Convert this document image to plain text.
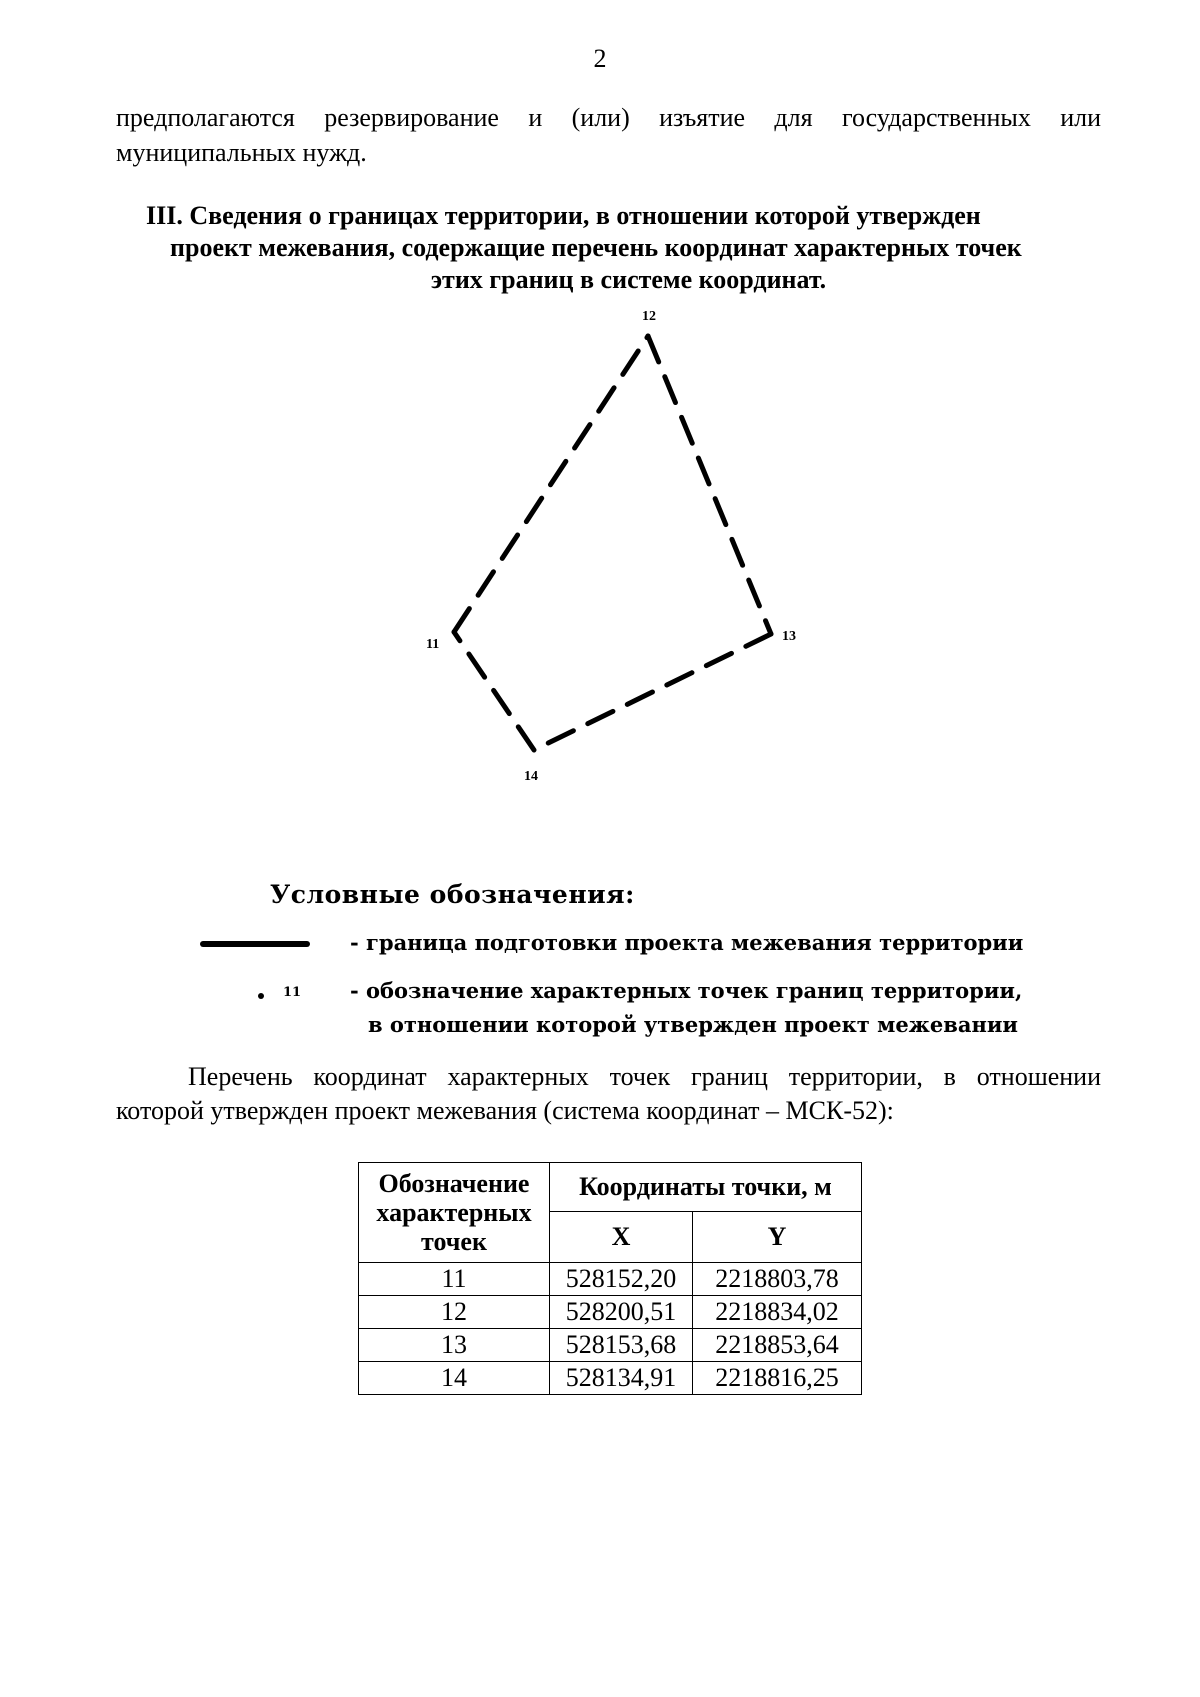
2
предполагаются резервирование и (или) изъятие для государственных или
муниципальных нужд.
III. Сведения о границах территории, в отношении которой утвержден
проект межевания, содержащие перечень координат характерных точек
этих границ в системе координат.
12
11
13
14
Условные обозначения:
- граница подготовки проекта межевания территории
11 - обозначение характерных точек границ территории,
в отношении которой утвержден проект межевании
Перечень координат характерных точек границ территории, в отношении
которой утвержден проект межевания (система координат – МСК-52):
Обозначение характерных точек	Координаты точки, м	
	X	Y
11	528152,20	2218803,78
12	528200,51	2218834,02
13	528153,68	2218853,64
14	528134,91	2218816,25
